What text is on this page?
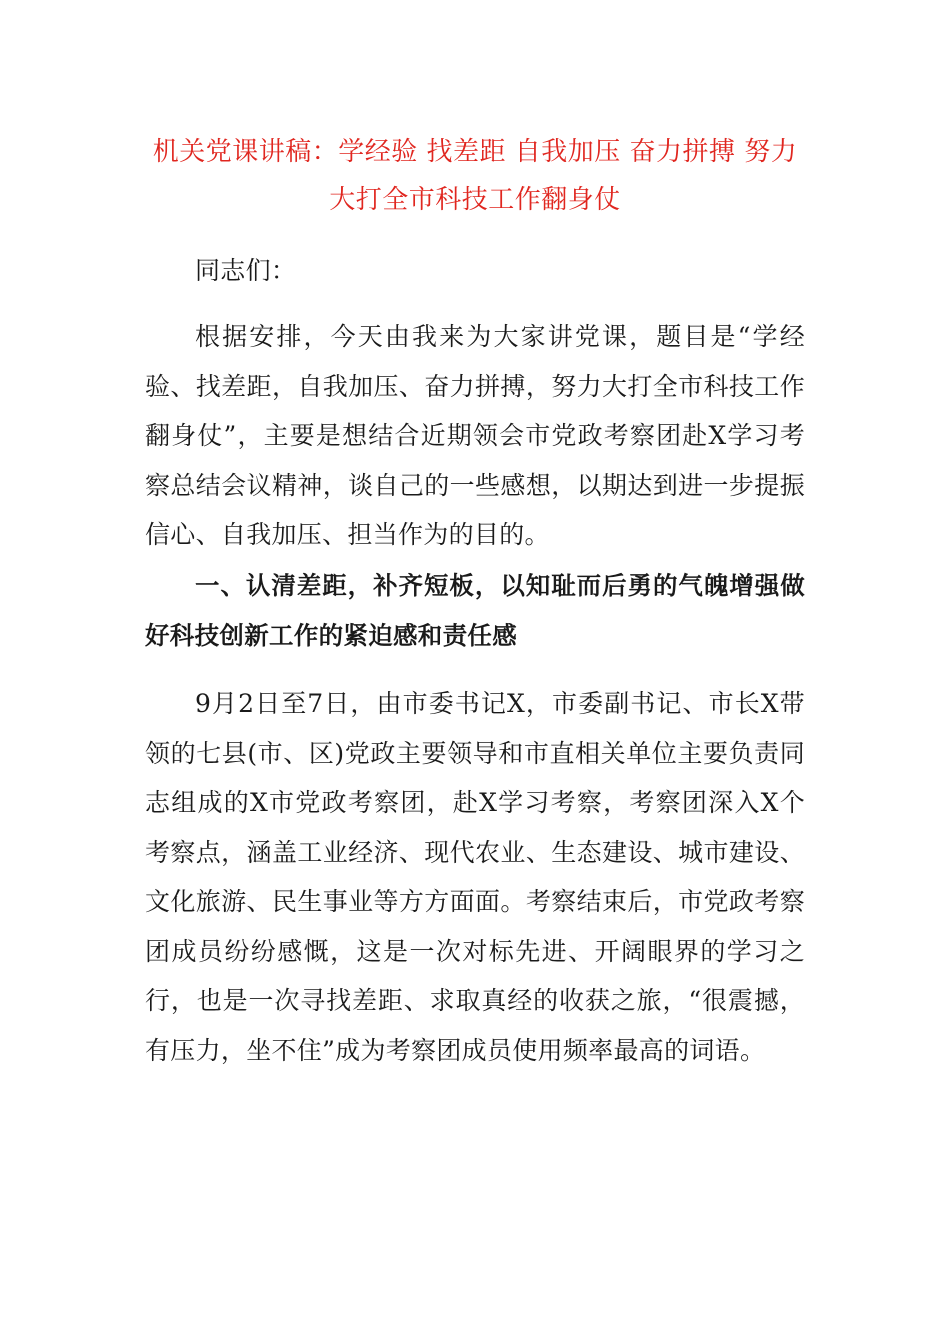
机关党课讲稿：学经验 找差距 自我加压 奋力拼搏 努力大打全市科技工作翻身仗

同志们：

根据安排，今天由我来为大家讲党课，题目是“学经验、找差距，自我加压、奋力拼搏，努力大打全市科技工作翻身仗”，主要是想结合近期领会市党政考察团赴X学习考察总结会议精神，谈自己的一些感想，以期达到进一步提振信心、自我加压、担当作为的目的。

一、认清差距，补齐短板，以知耻而后勇的气魄增强做好科技创新工作的紧迫感和责任感

9月2日至7日，由市委书记X，市委副书记、市长X带领的七县(市、区)党政主要领导和市直相关单位主要负责同志组成的X市党政考察团，赴X学习考察，考察团深入X个考察点，涵盖工业经济、现代农业、生态建设、城市建设、文化旅游、民生事业等方方面面。考察结束后，市党政考察团成员纷纷感慨，这是一次对标先进、开阔眼界的学习之行，也是一次寻找差距、求取真经的收获之旅，“很震撼，有压力，坐不住”成为考察团成员使用频率最高的词语。
